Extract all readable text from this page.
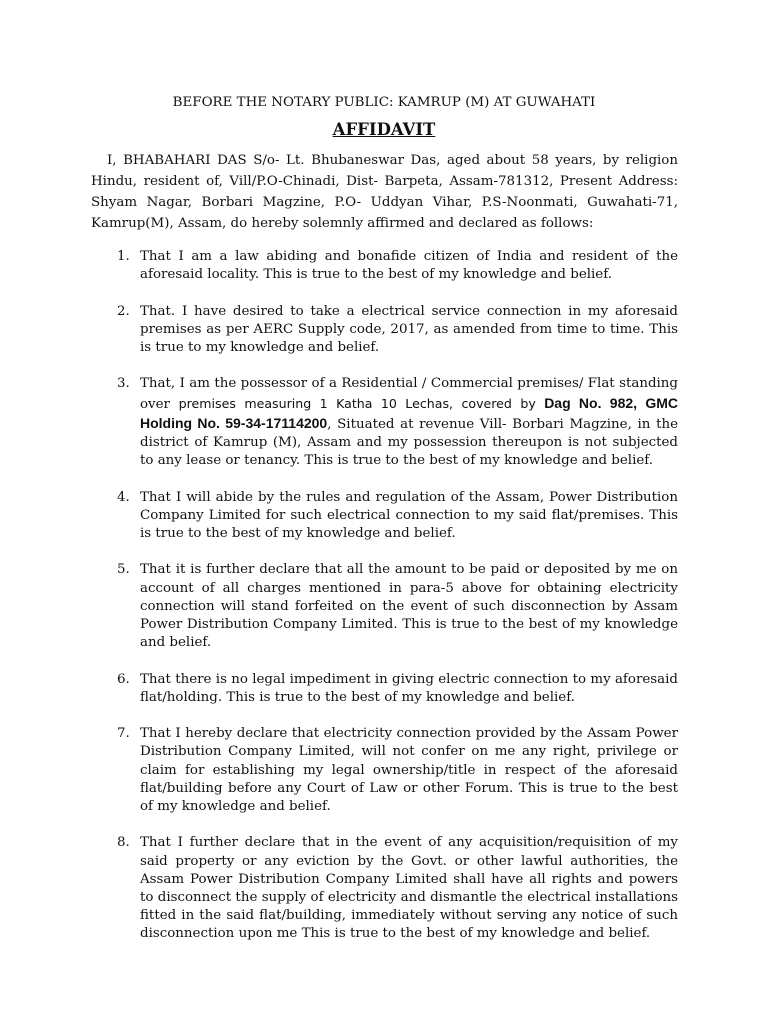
BEFORE THE NOTARY PUBLIC: KAMRUP (M) AT GUWAHATI
AFFIDAVIT

I, BHABAHARI DAS S/o- Lt. Bhubaneswar Das, aged about 58 years, by religion Hindu, resident of, Vill/P.O-Chinadi, Dist- Barpeta, Assam-781312, Present Address: Shyam Nagar, Borbari Magzine, P.O- Uddyan Vihar, P.S-Noonmati, Guwahati-71, Kamrup(M), Assam, do hereby solemnly affirmed and declared as follows:

1. That I am a law abiding and bonafide citizen of India and resident of the aforesaid locality. This is true to the best of my knowledge and belief.
2. That. I have desired to take a electrical service connection in my aforesaid premises as per AERC Supply code, 2017, as amended from time to time. This is true to my knowledge and belief.
3. That, I am the possessor of a Residential / Commercial premises/ Flat standing over premises measuring 1 Katha 10 Lechas, covered by Dag No. 982, GMC Holding No. 59-34-17114200, Situated at revenue Vill- Borbari Magzine, in the district of Kamrup (M), Assam and my possession thereupon is not subjected to any lease or tenancy. This is true to the best of my knowledge and belief.
4. That I will abide by the rules and regulation of the Assam, Power Distribution Company Limited for such electrical connection to my said flat/premises. This is true to the best of my knowledge and belief.
5. That it is further declare that all the amount to be paid or deposited by me on account of all charges mentioned in para-5 above for obtaining electricity connection will stand forfeited on the event of such disconnection by Assam Power Distribution Company Limited. This is true to the best of my knowledge and belief.
6. That there is no legal impediment in giving electric connection to my aforesaid flat/holding. This is true to the best of my knowledge and belief.
7. That I hereby declare that electricity connection provided by the Assam Power Distribution Company Limited, will not confer on me any right, privilege or claim for establishing my legal ownership/title in respect of the aforesaid flat/building before any Court of Law or other Forum. This is true to the best of my knowledge and belief.
8. That I further declare that in the event of any acquisition/requisition of my said property or any eviction by the Govt. or other lawful authorities, the Assam Power Distribution Company Limited shall have all rights and powers to disconnect the supply of electricity and dismantle the electrical installations fitted in the said flat/building, immediately without serving any notice of such disconnection upon me This is true to the best of my knowledge and belief.
